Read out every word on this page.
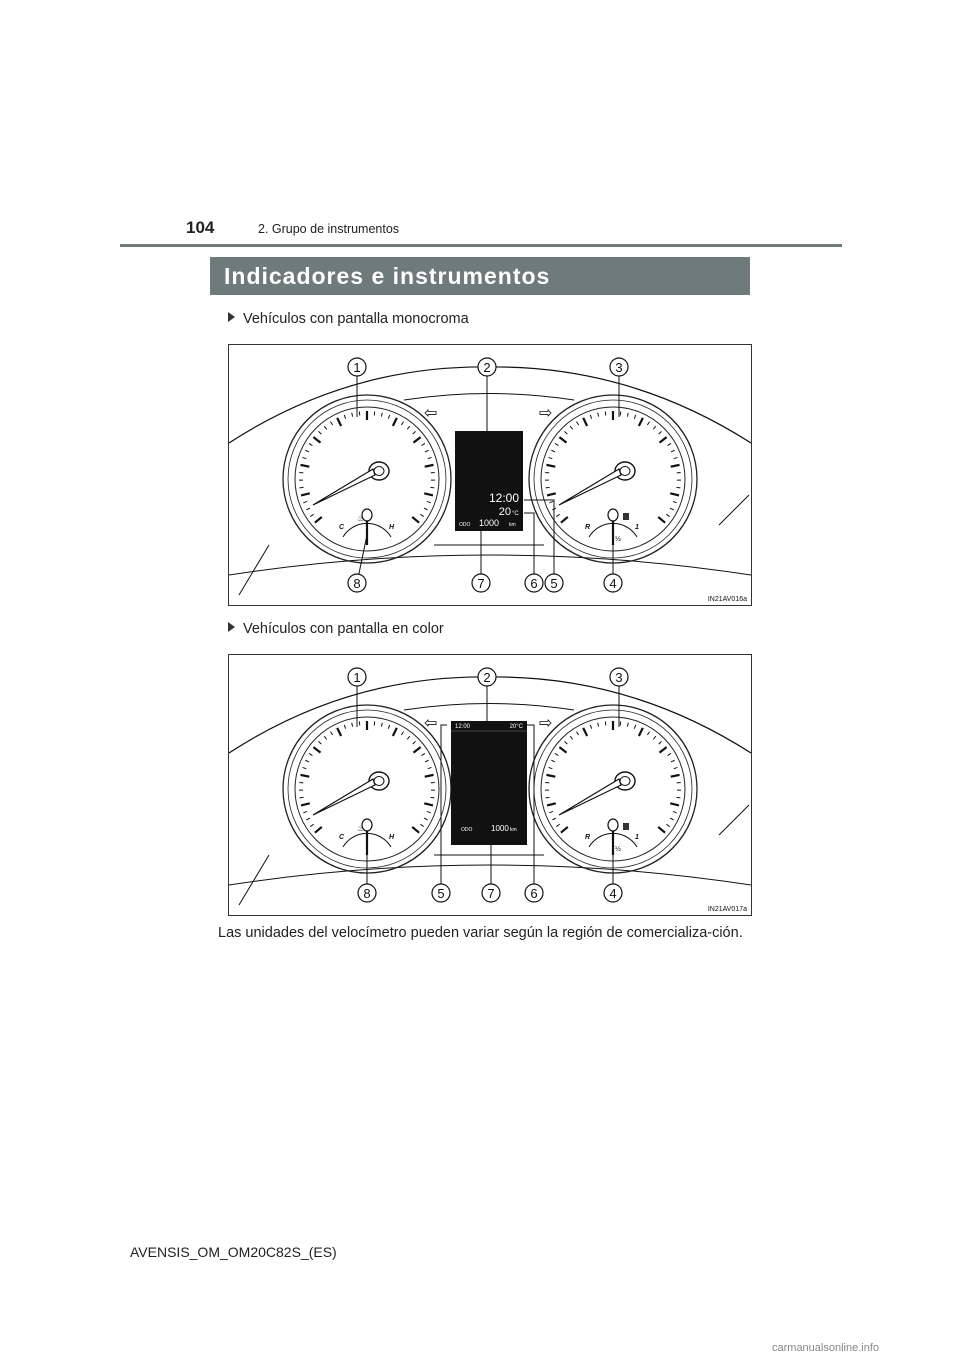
104	2. Grupo de instrumentos
Indicadores e instrumentos
Vehículos con pantalla monocroma
⇦	⇨
C	H
♨
R	1
½
12:00
20 °C
ODO 1000 km
1	2	3
8	7	6 5	4
IN21AV016a
Vehículos con pantalla en color
⇦	⇨
C	H
♨
R	1
½
12:00	20°C
ODO 1000 km
1	2	3
8	5	7	6	4
IN21AV017a
Las unidades del velocímetro pueden variar según la región de comercializa-ción.
AVENSIS_OM_OM20C82S_(ES)
carmanualsonline.info
